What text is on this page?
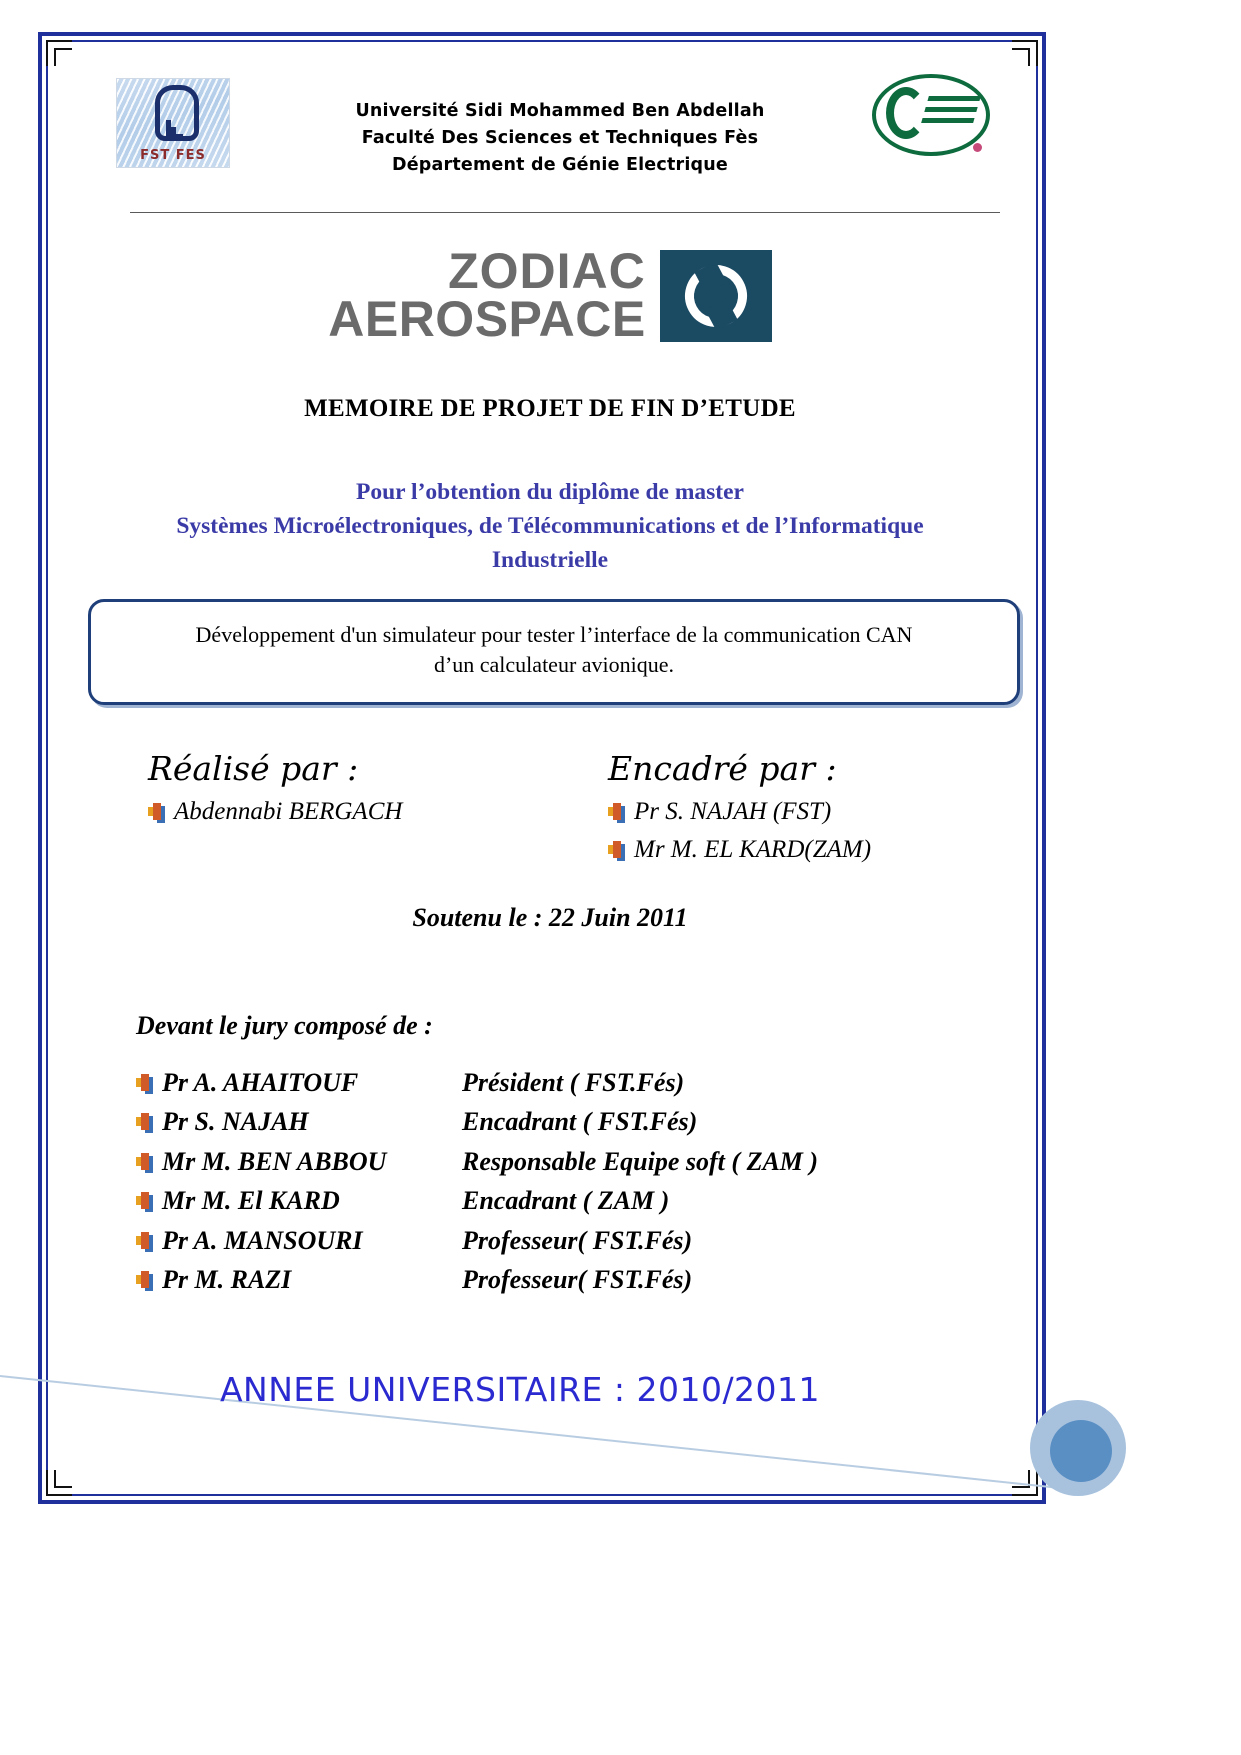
FST FES
Université Sidi Mohammed Ben Abdellah
Faculté Des Sciences et Techniques Fès
Département de Génie Electrique
ZODIAC
AEROSPACE
MEMOIRE DE PROJET DE FIN D’ETUDE
Pour l’obtention du diplôme de master
Systèmes Microélectroniques, de Télécommunications et de l’Informatique
Industrielle
Développement d'un simulateur pour tester l’interface de la communication CAN
d’un calculateur avionique.
Réalisé par :
Abdennabi BERGACH
Encadré par :
Pr S. NAJAH (FST)
Mr M. EL KARD(ZAM)
Soutenu le : 22 Juin 2011
Devant le jury composé de :
Pr A. AHAITOUF	Président ( FST.Fés)
Pr S. NAJAH	Encadrant ( FST.Fés)
Mr M. BEN ABBOU	Responsable Equipe soft ( ZAM )
Mr M. El KARD	Encadrant ( ZAM )
Pr A. MANSOURI	Professeur( FST.Fés)
Pr M. RAZI	Professeur( FST.Fés)
ANNEE UNIVERSITAIRE : 2010/2011
